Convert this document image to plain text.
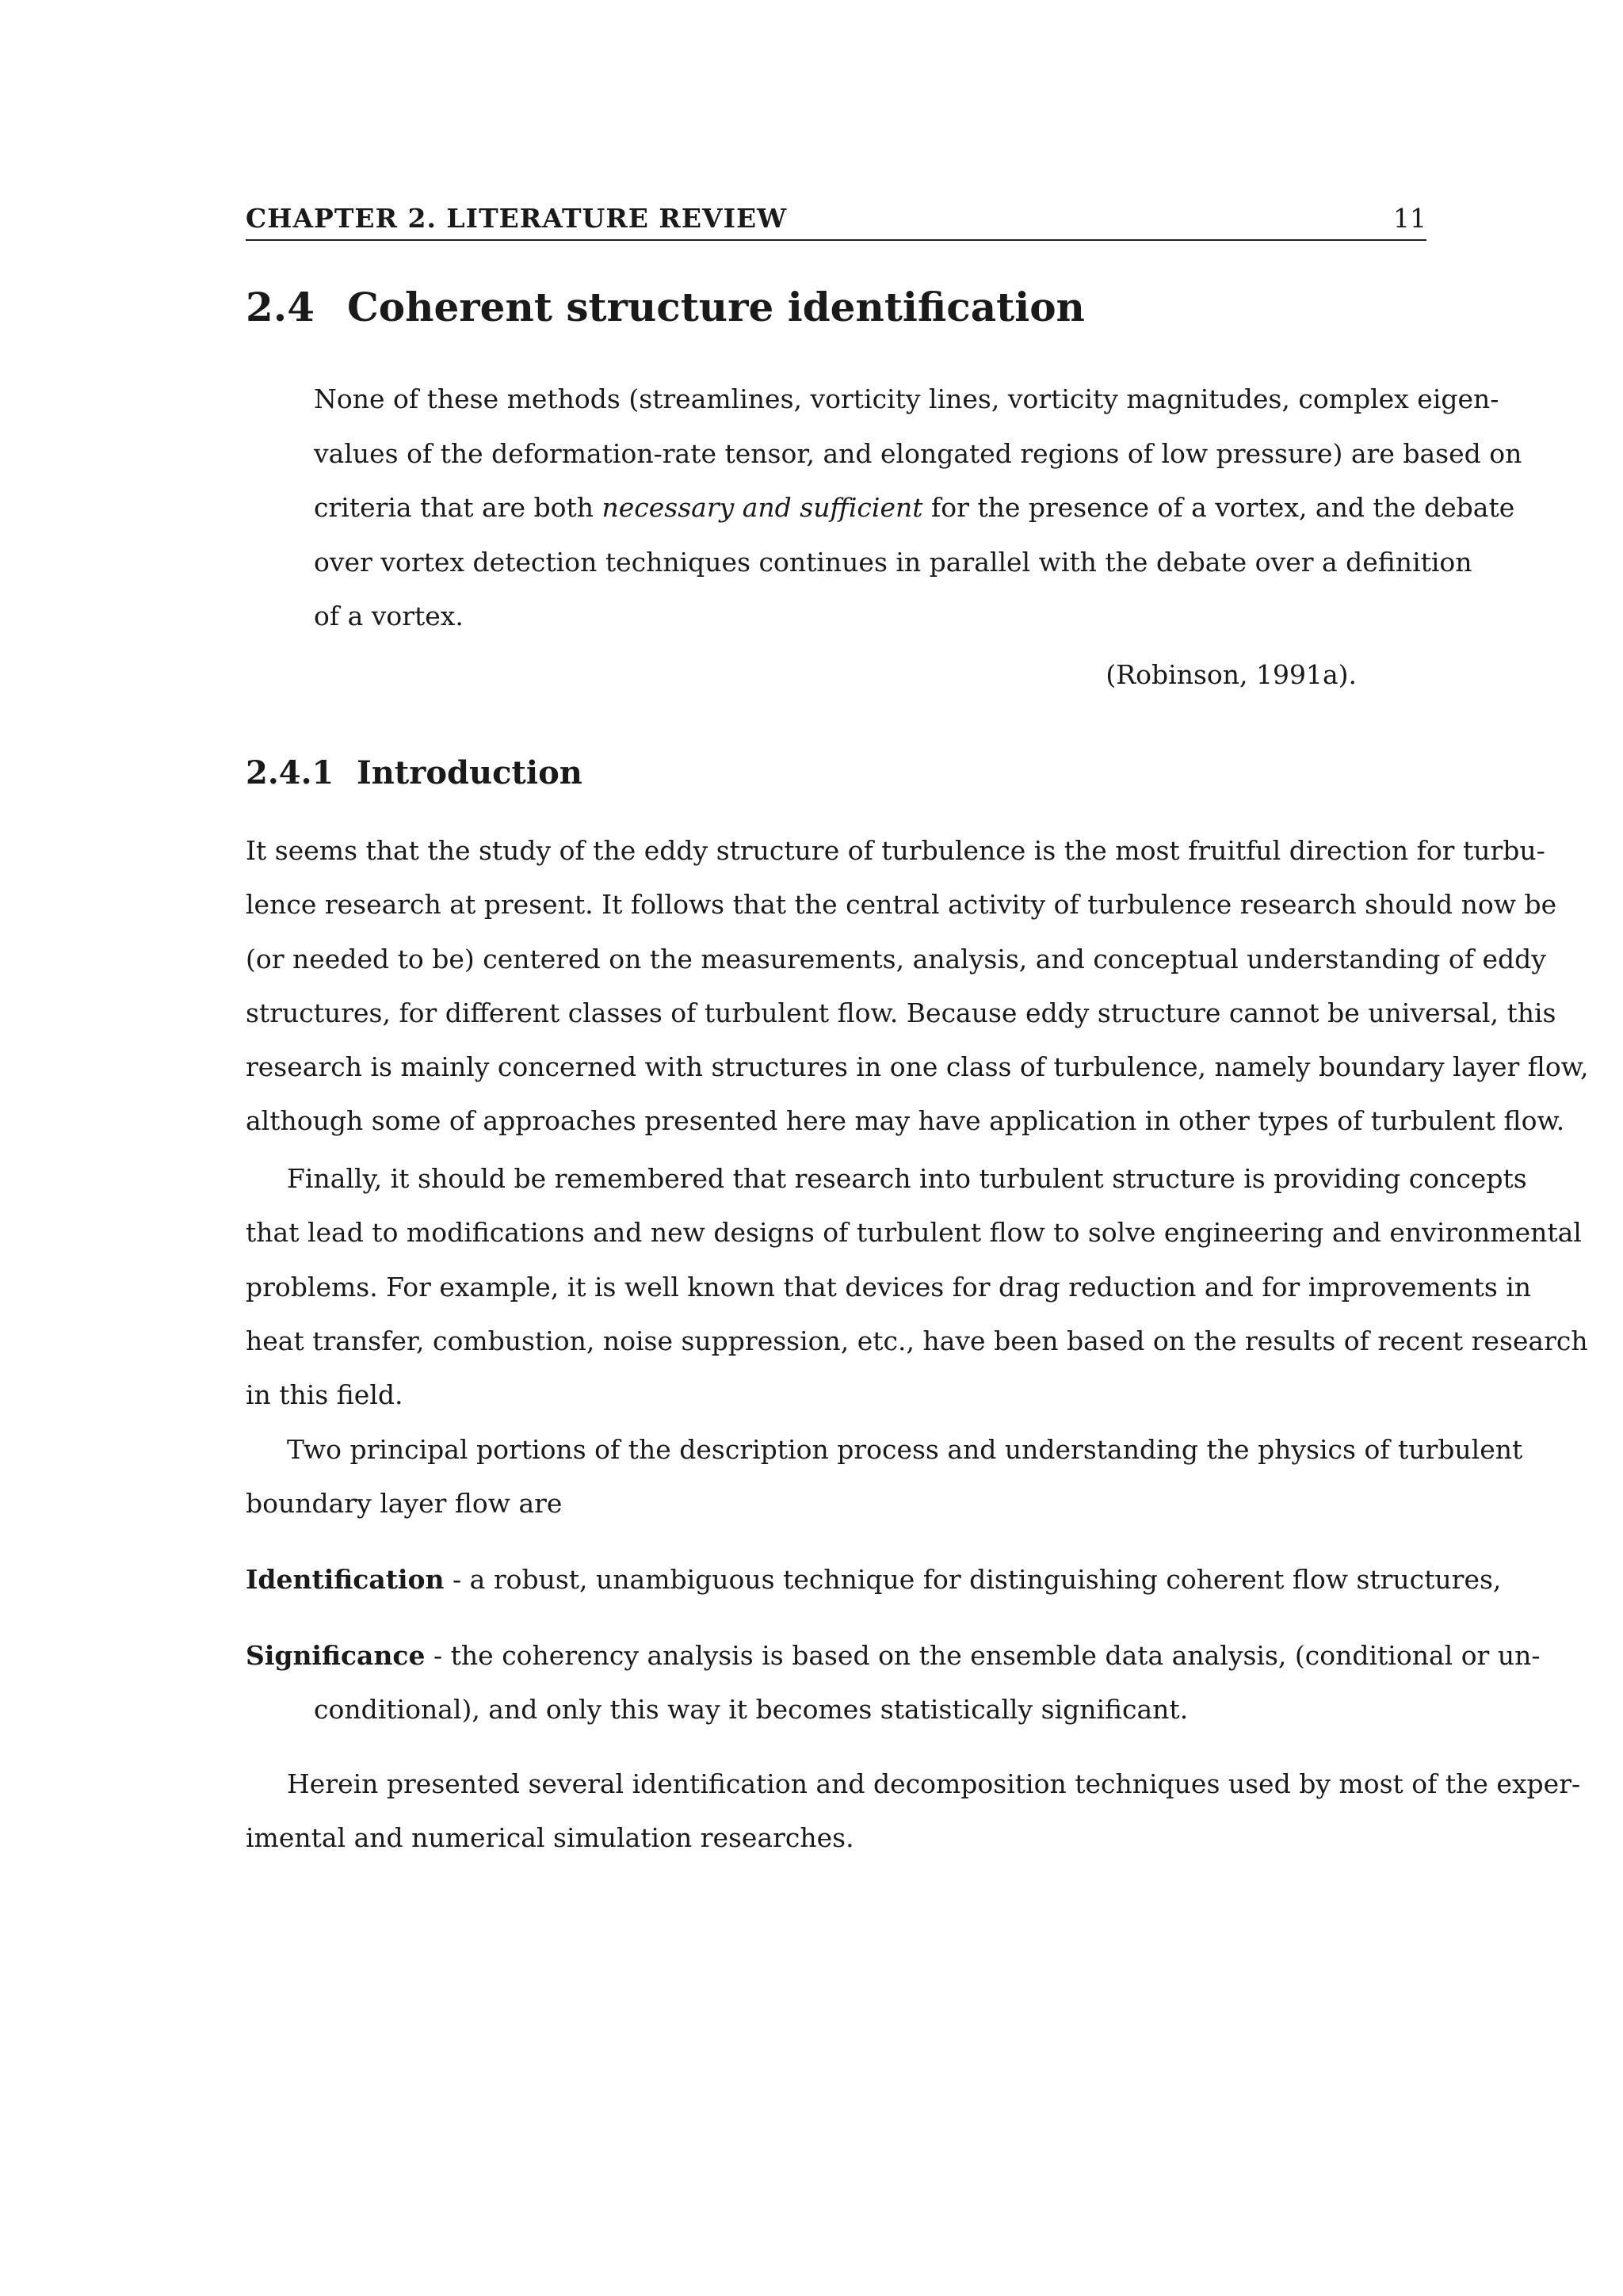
CHAPTER 2. LITERATURE REVIEW	11
2.4 Coherent structure identification
None of these methods (streamlines, vorticity lines, vorticity magnitudes, complex eigen-
values of the deformation-rate tensor, and elongated regions of low pressure) are based on
criteria that are both necessary and sufficient for the presence of a vortex, and the debate
over vortex detection techniques continues in parallel with the debate over a definition
of a vortex.
(Robinson, 1991a).
2.4.1 Introduction
It seems that the study of the eddy structure of turbulence is the most fruitful direction for turbu-
lence research at present. It follows that the central activity of turbulence research should now be
(or needed to be) centered on the measurements, analysis, and conceptual understanding of eddy
structures, for different classes of turbulent flow. Because eddy structure cannot be universal, this
research is mainly concerned with structures in one class of turbulence, namely boundary layer flow,
although some of approaches presented here may have application in other types of turbulent flow.
Finally, it should be remembered that research into turbulent structure is providing concepts
that lead to modifications and new designs of turbulent flow to solve engineering and environmental
problems. For example, it is well known that devices for drag reduction and for improvements in
heat transfer, combustion, noise suppression, etc., have been based on the results of recent research
in this field.
Two principal portions of the description process and understanding the physics of turbulent
boundary layer flow are
Identification - a robust, unambiguous technique for distinguishing coherent flow structures,
Significance - the coherency analysis is based on the ensemble data analysis, (conditional or un-
conditional), and only this way it becomes statistically significant.
Herein presented several identification and decomposition techniques used by most of the exper-
imental and numerical simulation researches.
